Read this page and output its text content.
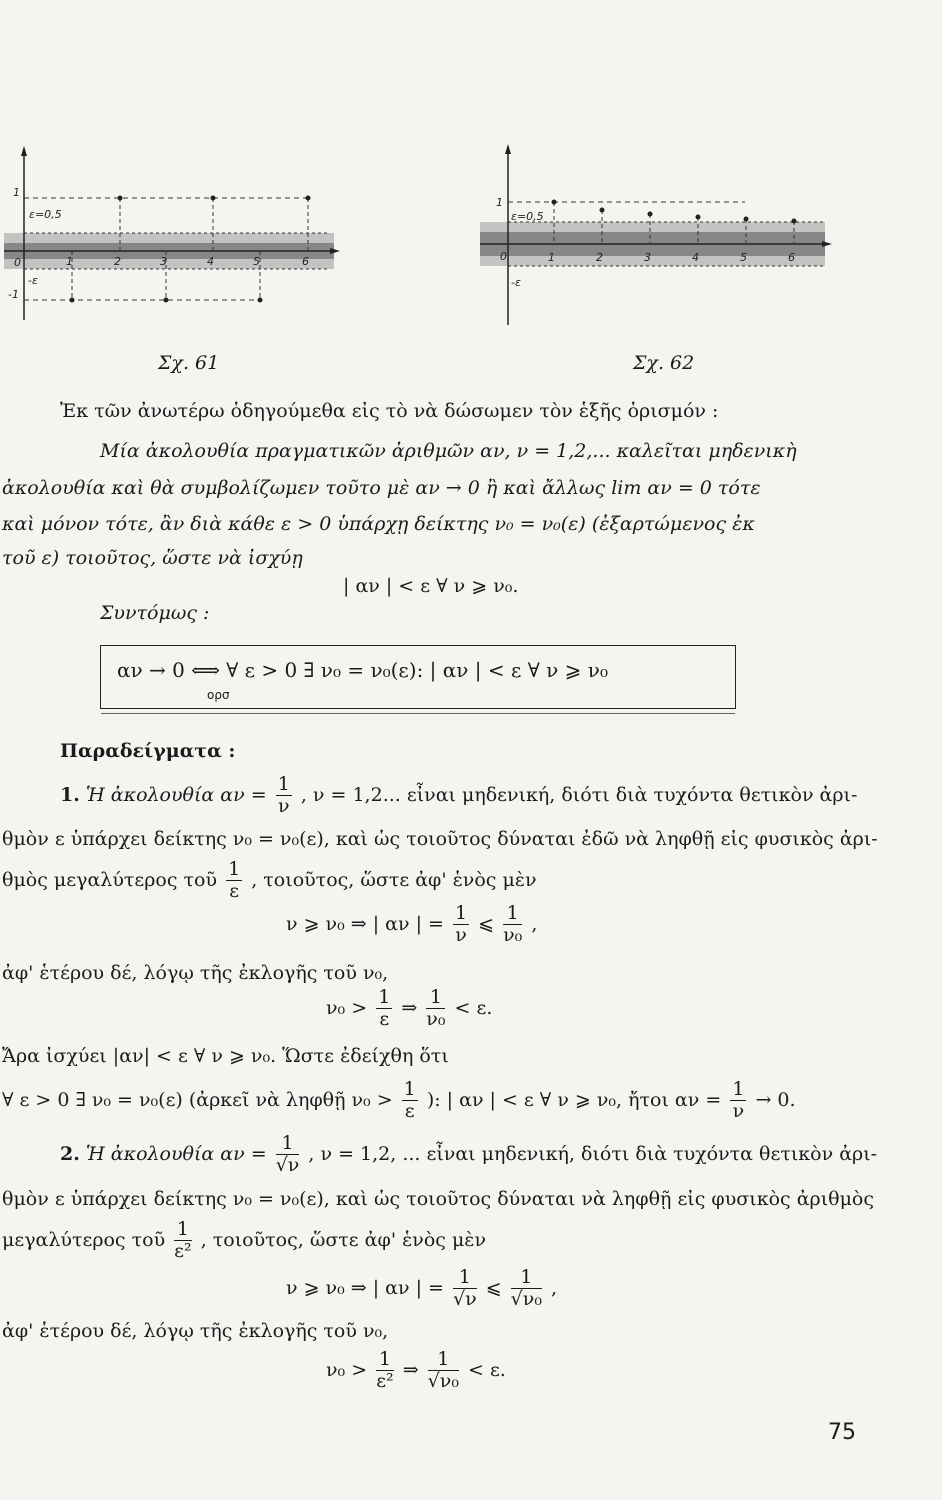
ε=0,5
1
-1
0
-ε
1	2	3	4	5	6
Σχ. 61
ε=0,5
1
0
-ε
1	2	3	4	5	6
Σχ. 62
Ἐκ τῶν ἀνωτέρω ὁδηγούμεθα εἰς τὸ νὰ δώσωμεν τὸν ἑξῆς ὁρισμόν :
Μία ἀκολουθία πραγματικῶν ἀριθμῶν αν, ν = 1,2,... καλεῖται μηδενικὴ
ἀκολουθία καὶ θὰ συμβολίζωμεν τοῦτο μὲ αν → 0 ἢ καὶ ἄλλως lim αν = 0 τότε
καὶ μόνον τότε, ἂν διὰ κάθε ε > 0 ὑπάρχῃ δείκτης ν₀ = ν₀(ε) (ἐξαρτώμενος ἐκ
τοῦ ε) τοιοῦτος, ὥστε νὰ ἰσχύῃ
| αν | < ε ∀ ν ⩾ ν₀.
Συντόμως :
αν → 0 ⟺ ∀ ε > 0 ∃ ν₀ = ν₀(ε): | αν | < ε ∀ ν ⩾ ν₀
ορσ
Παραδείγματα :
1. Ἡ ἀκολουθία $\alpha\nu = \frac{1}{\nu}$ , ν = 1,2... εἶναι μηδενική, διότι διὰ τυχόντα θετικὸν ἀρι-
θμὸν ε ὑπάρχει δείκτης ν₀ = ν₀(ε), καὶ ὡς τοιοῦτος δύναται ἐδῶ νὰ ληφθῇ εἰς φυσικὸς ἀρι-
θμὸς μεγαλύτερος τοῦ $\frac{1}{\varepsilon}$ , τοιοῦτος, ὥστε ἀφ' ἑνὸς μὲν
ν ⩾ ν₀ ⇒ | αν | = $\frac{1}{\nu}$ ⩽ $\frac{1}{\text{ν₀}}$ ,
ἀφ' ἑτέρου δέ, λόγῳ τῆς ἐκλογῆς τοῦ ν₀,
$\nu_0 > \frac{1}{\varepsilon}$ ⇒ $\frac{1}{\text{ν₀}} < \varepsilon$.
Ἄρα ἰσχύει |αν| < ε ∀ ν ⩾ ν₀. Ὥστε ἐδείχθη ὅτι
∀ ε > 0 ∃ ν₀ = ν₀(ε) (ἀρκεῖ νὰ ληφθῇ $\nu_0 > \frac{1}{\varepsilon}$ ): | αν | < ε ∀ ν ⩾ ν₀, ἤτοι $\alpha\nu = \frac{1}{\nu} \to 0$.
2. Ἡ ἀκολουθία $\alpha\nu = \frac{1}{√\nu}$ , ν = 1,2, ... εἶναι μηδενική, διότι διὰ τυχόντα θετικὸν ἀρι-
θμὸν ε ὑπάρχει δείκτης ν₀ = ν₀(ε), καὶ ὡς τοιοῦτος δύναται νὰ ληφθῇ εἰς φυσικὸς ἀριθμὸς
μεγαλύτερος τοῦ $\frac{1}{\text{ε²}}$ , τοιοῦτος, ὥστε ἀφ' ἑνὸς μὲν
ν ⩾ ν₀ ⇒ | αν | = $\frac{1}{√\nu}$ ⩽ $\frac{1}{\text{√ν₀}}$ ,
ἀφ' ἑτέρου δέ, λόγῳ τῆς ἐκλογῆς τοῦ ν₀,
$\nu_0 > \frac{1}{\text{ε²}}$ ⇒ $\frac{1}{\text{√ν₀}} < \varepsilon$.
75
